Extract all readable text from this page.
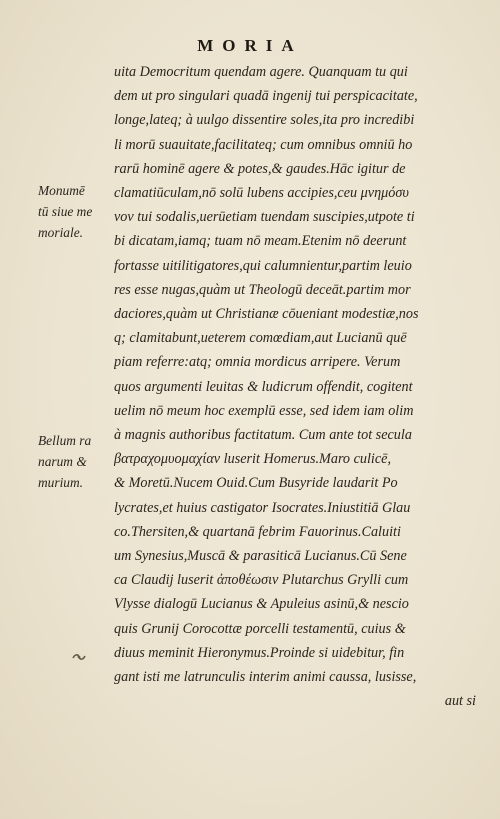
MORIA
Monumē
tū siue me
moriale.
Bellum ra
narum &
murium.
uita Democritum quendam agere. Quanquam tu qui
dem ut pro singulari quadā ingenij tui perspicacitate,
longe,lateq; à uulgo dissentire soles,ita pro incredibi
li morū suauitate,facilitateq; cum omnibus omniū ho
rarū hominē agere & potes,& gaudes.Hāc igitur de
clamatiūculam,nō solū lubens accipies,ceu μνημόσυ
νον tui sodalis,uerūetiam tuendam suscipies,utpote ti
bi dicatam,iamq; tuam nō meam.Etenim nō deerunt
fortasse uitilitigatores,qui calumnientur,partim leuio
res esse nugas,quàm ut Theologū deceāt.partim mor
daciores,quàm ut Christianæ cōueniant modestiæ,nos
q; clamitabunt,ueterem comœdiam,aut Lucianū quē
piam referre:atq; omnia mordicus arripere. Verum
quos argumenti leuitas & ludicrum offendit, cogitent
uelim nō meum hoc exemplū esse, sed idem iam olim
à magnis authoribus factitatum. Cum ante tot secula
βατραχομυομαχίαν luserit Homerus.Maro culicē,
& Moretū.Nucem Ouid.Cum Busyride laudarit Po
lycrates,et huius castigator Isocrates.Iniustitiā Glau
co.Thersiten,& quartanā febrim Fauorinus.Caluiti
um Synesius,Muscā & parasiticā Lucianus.Cū Sene
ca Claudij luserit ἀποθέωσιν Plutarchus Grylli cum
Vlysse dialogū Lucianus & Apuleius asinū,& nescio
quis Grunij Corocottæ porcelli testamentū, cuius &
diuus meminit Hieronymus.Proinde si uidebitur, fin
gant isti me latrunculis interim animi caussa, lusisse,
aut si
